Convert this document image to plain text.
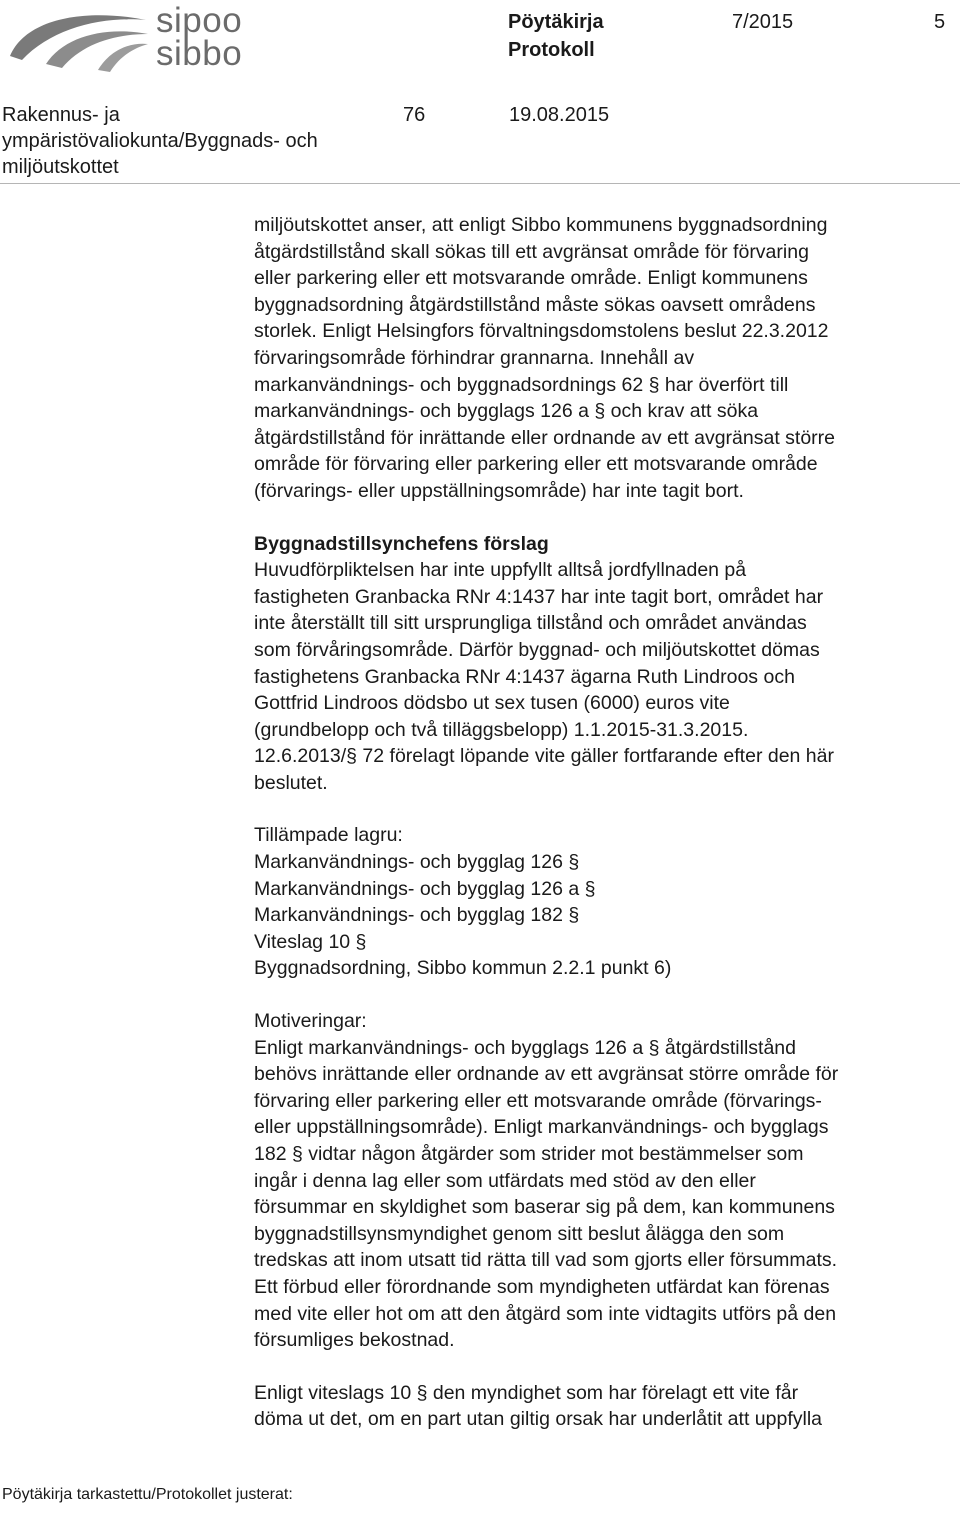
sipoo
sibbo
Pöytäkirja
Protokoll
7/2015	5
Rakennus- ja
ympäristövaliokunta/Byggnads- och
miljöutskottet
76	19.08.2015

miljöutskottet anser, att enligt Sibbo kommunens byggnadsordning

åtgärdstillstånd skall sökas till ett avgränsat område för förvaring

eller parkering eller ett motsvarande område. Enligt kommunens

byggnadsordning åtgärdstillstånd måste sökas oavsett områdens

storlek. Enligt Helsingfors förvaltningsdomstolens beslut 22.3.2012

förvaringsområde förhindrar grannarna. Innehåll av

markanvändnings- och byggnadsordnings 62 § har överfört till

markanvändnings- och bygglags 126 a § och krav att söka

åtgärdstillstånd för inrättande eller ordnande av ett avgränsat större

område för förvaring eller parkering eller ett motsvarande område

(förvarings- eller uppställningsområde) har inte tagit bort.

Byggnadstillsynchefens förslag

Huvudförpliktelsen har inte uppfyllt alltså jordfyllnaden på

fastigheten Granbacka RNr 4:1437 har inte tagit bort, området har

inte återställt till sitt ursprungliga tillstånd och området användas

som förvåringsområde. Därför byggnad- och miljöutskottet dömas

fastighetens Granbacka RNr 4:1437 ägarna Ruth Lindroos och

Gottfrid Lindroos dödsbo ut sex tusen (6000) euros vite

(grundbelopp och två tilläggsbelopp) 1.1.2015-31.3.2015.

12.6.2013/§ 72 förelagt löpande vite gäller fortfarande efter den här

beslutet.

Tillämpade lagru:

Markanvändnings- och bygglag 126 §

Markanvändnings- och bygglag 126 a §

Markanvändnings- och bygglag 182 §

Viteslag 10 §

Byggnadsordning, Sibbo kommun 2.2.1 punkt 6)

Motiveringar:

Enligt markanvändnings- och bygglags 126 a § åtgärdstillstånd

behövs inrättande eller ordnande av ett avgränsat större område för

förvaring eller parkering eller ett motsvarande område (förvarings-

eller uppställningsområde). Enligt markanvändnings- och bygglags

182 § vidtar någon åtgärder som strider mot bestämmelser som

ingår i denna lag eller som utfärdats med stöd av den eller

försummar en skyldighet som baserar sig på dem, kan kommunens

byggnadstillsynsmyndighet genom sitt beslut ålägga den som

tredskas att inom utsatt tid rätta till vad som gjorts eller försummats.

Ett förbud eller förordnande som myndigheten utfärdat kan förenas

med vite eller hot om att den åtgärd som inte vidtagits utförs på den

försumliges bekostnad.

Enligt viteslags 10 § den myndighet som har förelagt ett vite får

döma ut det, om en part utan giltig orsak har underlåtit att uppfylla

Pöytäkirja tarkastettu/Protokollet justerat:
